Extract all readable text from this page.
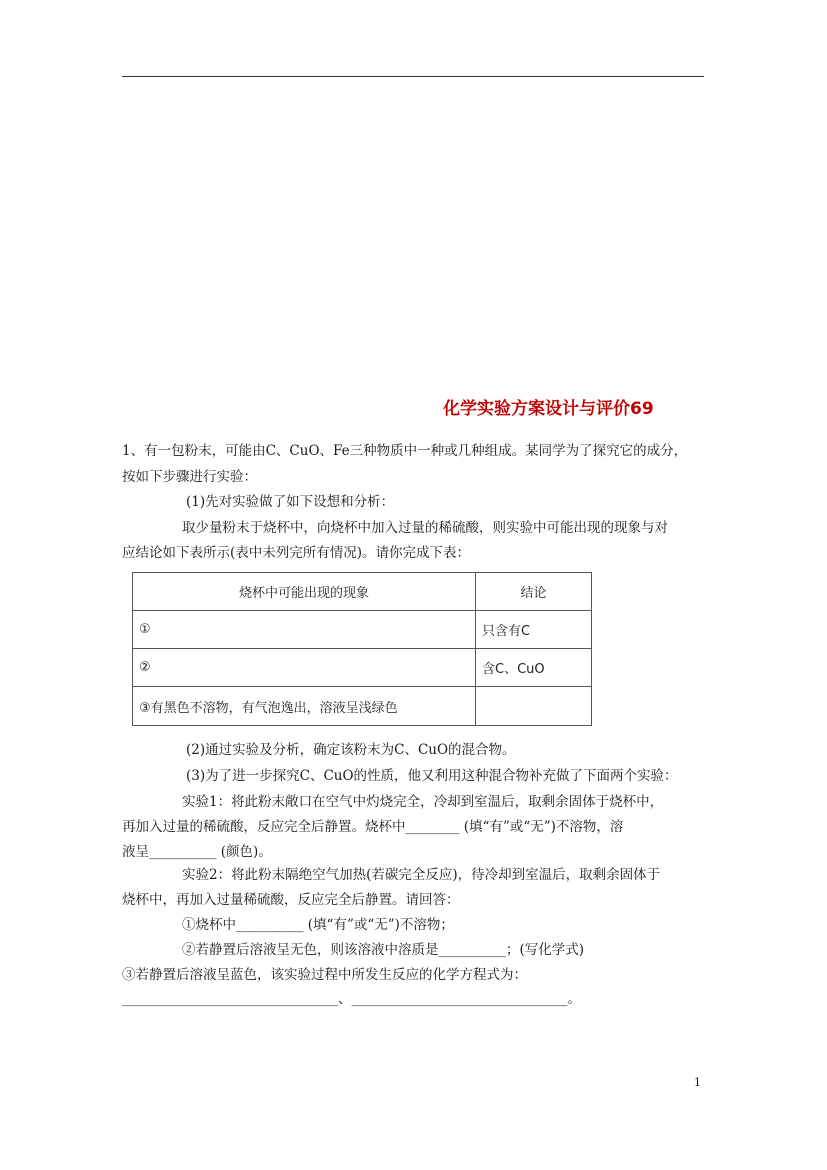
化学实验方案设计与评价69
1、有一包粉末，可能由C、CuO、Fe三种物质中一种或几种组成。某同学为了探究它的成分，
按如下步骤进行实验：
(1)先对实验做了如下设想和分析：
取少量粉末于烧杯中，向烧杯中加入过量的稀硫酸，则实验中可能出现的现象与对
应结论如下表所示(表中未列完所有情况)。请你完成下表：
烧杯中可能出现的现象	结论
①	只含有C
②	含C、CuO
③有黑色不溶物，有气泡逸出，溶液呈浅绿色	
(2)通过实验及分析，确定该粉末为C、CuO的混合物。
(3)为了进一步探究C、CuO的性质，他又利用这种混合物补充做了下面两个实验：
实验1：将此粉末敞口在空气中灼烧完全，冷却到室温后，取剩余固体于烧杯中，
再加入过量的稀硫酸，反应完全后静置。烧杯中________ (填“有”或“无”)不溶物，溶
液呈__________ (颜色)。
实验2：将此粉末隔绝空气加热(若碳完全反应)，待冷却到室温后，取剩余固体于
烧杯中，再加入过量稀硫酸，反应完全后静置。请回答：
①烧杯中__________ (填“有”或“无”)不溶物；
②若静置后溶液呈无色，则该溶液中溶质是__________；(写化学式)
③若静置后溶液呈蓝色，该实验过程中所发生反应的化学方程式为：
________________________________、________________________________。
1
